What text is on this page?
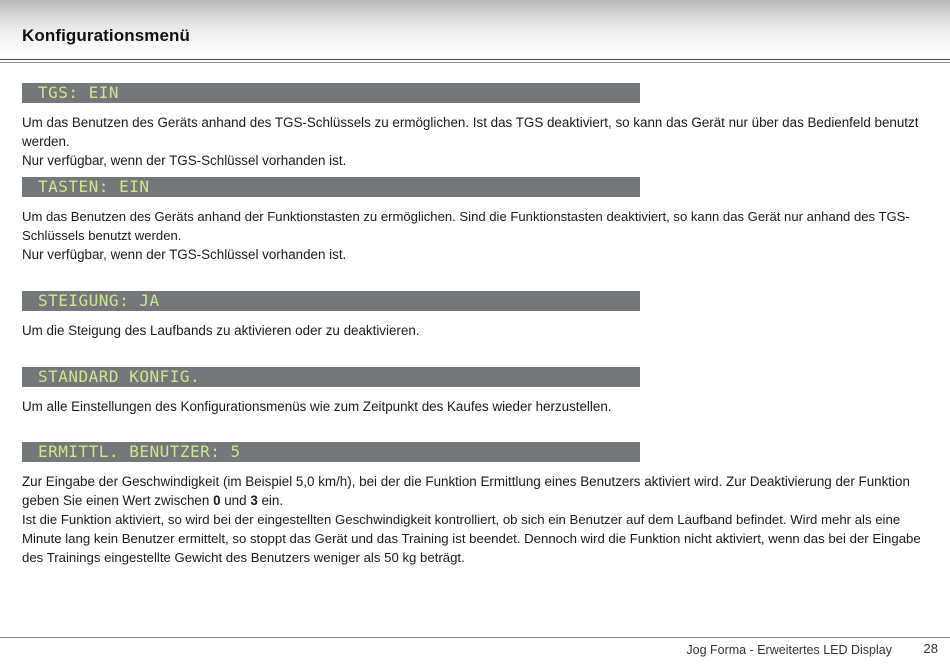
Konfigurationsmenü
TGS: EIN

Um das Benutzen des Geräts anhand des TGS-Schlüssels zu ermöglichen. Ist das TGS deaktiviert, so kann das Gerät nur über das Bedienfeld benutzt werden.

Nur verfügbar, wenn der TGS-Schlüssel vorhanden ist.

TASTEN: EIN

Um das Benutzen des Geräts anhand der Funktionstasten zu ermöglichen. Sind die Funktionstasten deaktiviert, so kann das Gerät nur anhand des TGS-Schlüssels benutzt werden.

Nur verfügbar, wenn der TGS-Schlüssel vorhanden ist.

STEIGUNG: JA

Um die Steigung des Laufbands zu aktivieren oder zu deaktivieren.

STANDARD KONFIG.

Um alle Einstellungen des Konfigurationsmenüs wie zum Zeitpunkt des Kaufes wieder herzustellen.

ERMITTL. BENUTZER: 5

Zur Eingabe der Geschwindigkeit (im Beispiel 5,0 km/h), bei der die Funktion Ermittlung eines Benutzers aktiviert wird. Zur Deaktivierung der Funktion geben Sie einen Wert zwischen 0 und 3 ein.

Ist die Funktion aktiviert, so wird bei der eingestellten Geschwindigkeit kontrolliert, ob sich ein Benutzer auf dem Laufband befindet. Wird mehr als eine Minute lang kein Benutzer ermittelt, so stoppt das Gerät und das Training ist beendet. Dennoch wird die Funktion nicht aktiviert, wenn das bei der Eingabe des Trainings eingestellte Gewicht des Benutzers weniger als 50 kg beträgt.

Jog Forma - Erweitertes LED Display 28
